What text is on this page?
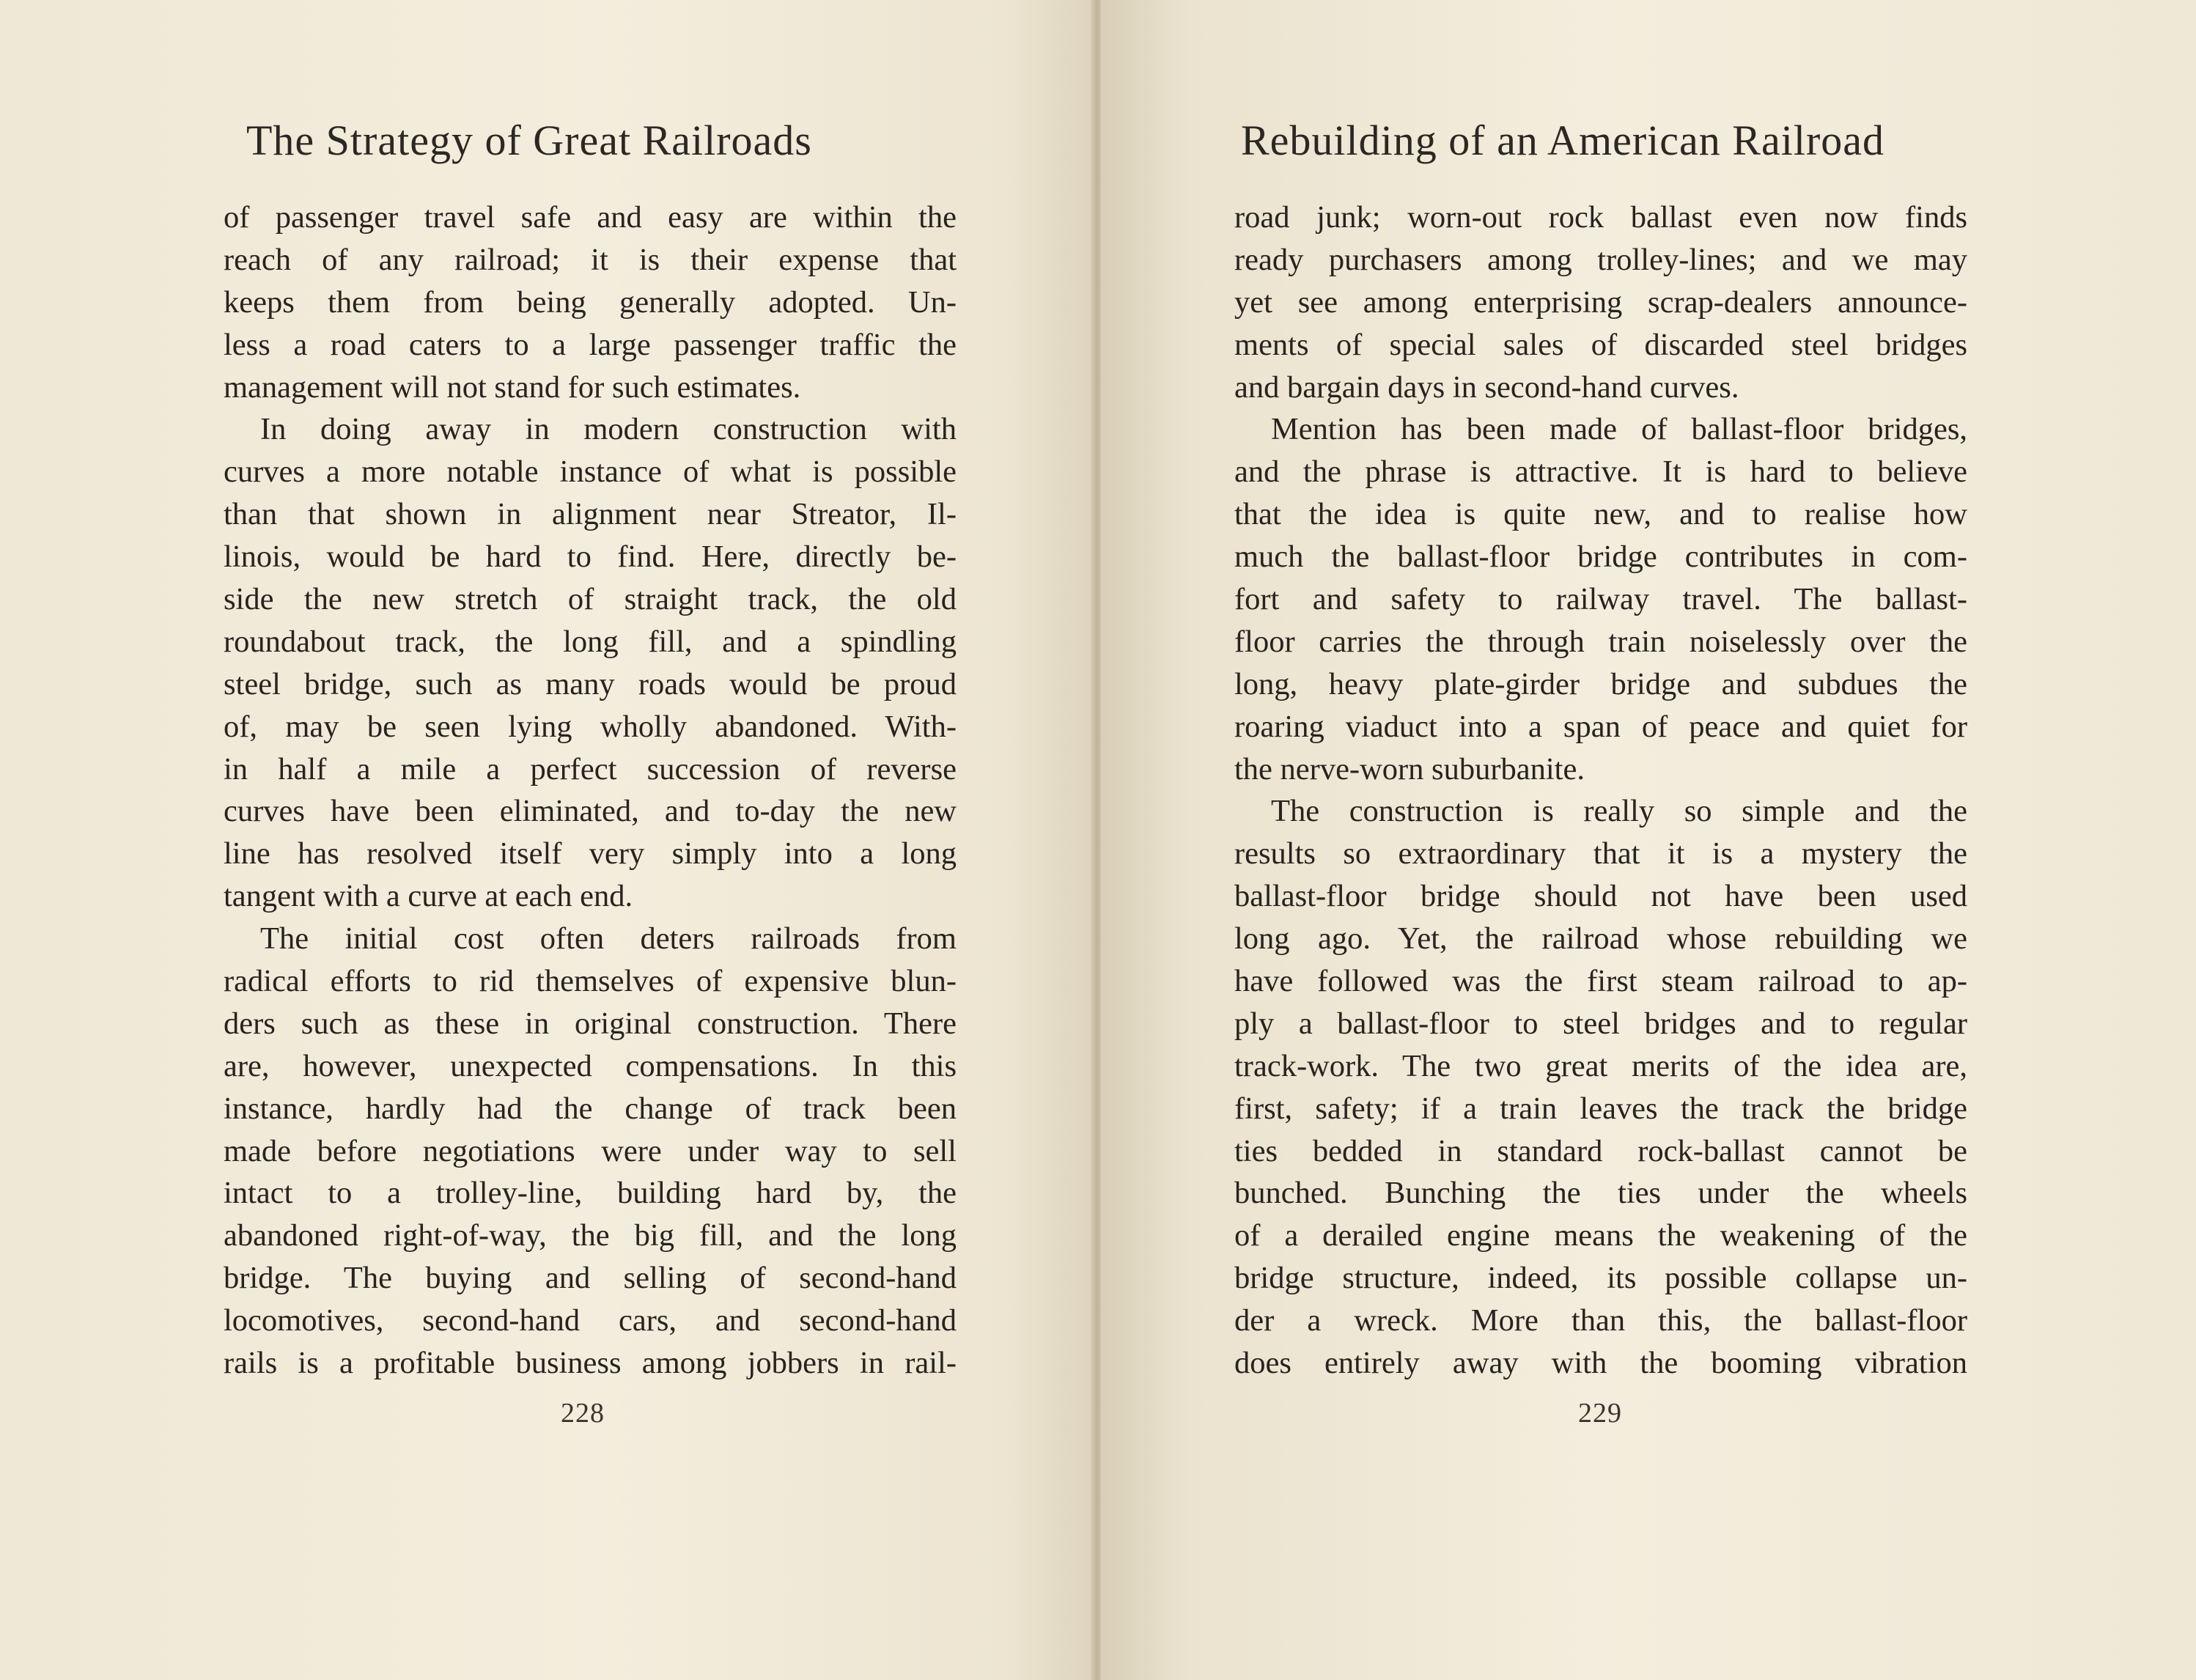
The Strategy of Great Railroads
of passenger travel safe and easy are within the
reach of any railroad; it is their expense that
keeps them from being generally adopted. Un-
less a road caters to a large passenger traffic the
management will not stand for such estimates.
In doing away in modern construction with
curves a more notable instance of what is possible
than that shown in alignment near Streator, Il-
linois, would be hard to find. Here, directly be-
side the new stretch of straight track, the old
roundabout track, the long fill, and a spindling
steel bridge, such as many roads would be proud
of, may be seen lying wholly abandoned. With-
in half a mile a perfect succession of reverse
curves have been eliminated, and to-day the new
line has resolved itself very simply into a long
tangent with a curve at each end.
The initial cost often deters railroads from
radical efforts to rid themselves of expensive blun-
ders such as these in original construction. There
are, however, unexpected compensations. In this
instance, hardly had the change of track been
made before negotiations were under way to sell
intact to a trolley-line, building hard by, the
abandoned right-of-way, the big fill, and the long
bridge. The buying and selling of second-hand
locomotives, second-hand cars, and second-hand
rails is a profitable business among jobbers in rail-
228
Rebuilding of an American Railroad
road junk; worn-out rock ballast even now finds
ready purchasers among trolley-lines; and we may
yet see among enterprising scrap-dealers announce-
ments of special sales of discarded steel bridges
and bargain days in second-hand curves.
Mention has been made of ballast-floor bridges,
and the phrase is attractive. It is hard to believe
that the idea is quite new, and to realise how
much the ballast-floor bridge contributes in com-
fort and safety to railway travel. The ballast-
floor carries the through train noiselessly over the
long, heavy plate-girder bridge and subdues the
roaring viaduct into a span of peace and quiet for
the nerve-worn suburbanite.
The construction is really so simple and the
results so extraordinary that it is a mystery the
ballast-floor bridge should not have been used
long ago. Yet, the railroad whose rebuilding we
have followed was the first steam railroad to ap-
ply a ballast-floor to steel bridges and to regular
track-work. The two great merits of the idea are,
first, safety; if a train leaves the track the bridge
ties bedded in standard rock-ballast cannot be
bunched. Bunching the ties under the wheels
of a derailed engine means the weakening of the
bridge structure, indeed, its possible collapse un-
der a wreck. More than this, the ballast-floor
does entirely away with the booming vibration
229
